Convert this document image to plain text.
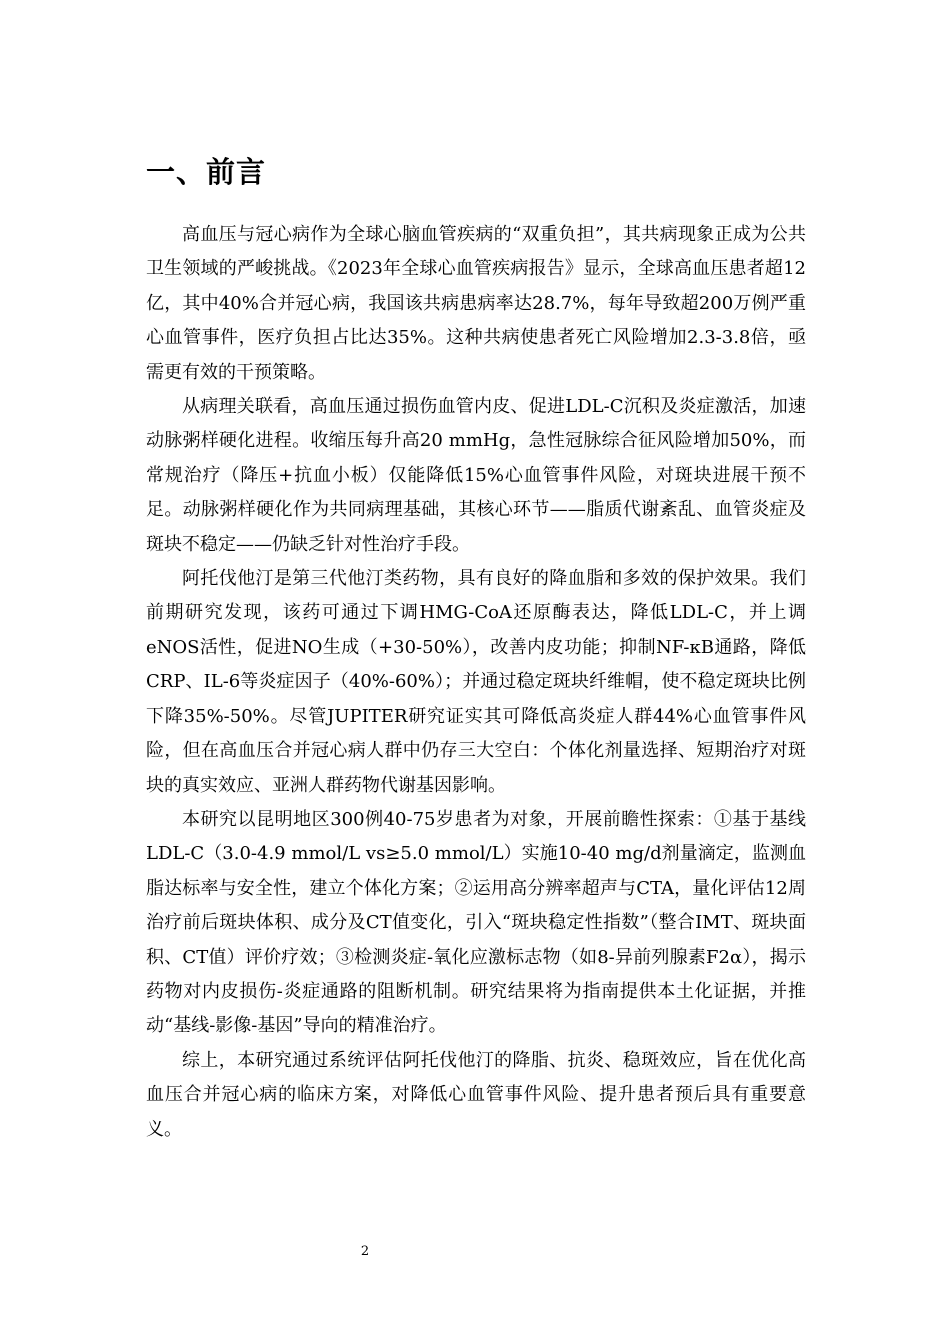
一、前言

高血压与冠心病作为全球心脑血管疾病的“双重负担”，其共病现象正成为公共卫生领域的严峻挑战。《2023年全球心血管疾病报告》显示，全球高血压患者超12亿，其中40%合并冠心病，我国该共病患病率达28.7%，每年导致超200万例严重心血管事件，医疗负担占比达35%。这种共病使患者死亡风险增加2.3-3.8倍，亟需更有效的干预策略。

从病理关联看，高血压通过损伤血管内皮、促进LDL-C沉积及炎症激活，加速动脉粥样硬化进程。收缩压每升高20 mmHg，急性冠脉综合征风险增加50%，而常规治疗（降压+抗血小板）仅能降低15%心血管事件风险，对斑块进展干预不足。动脉粥样硬化作为共同病理基础，其核心环节——脂质代谢紊乱、血管炎症及斑块不稳定——仍缺乏针对性治疗手段。

阿托伐他汀是第三代他汀类药物，具有良好的降血脂和多效的保护效果。我们前期研究发现，该药可通过下调HMG-CoA还原酶表达，降低LDL-C，并上调eNOS活性，促进NO生成（+30-50%），改善内皮功能；抑制NF-κB通路，降低CRP、IL-6等炎症因子（40%-60%）；并通过稳定斑块纤维帽，使不稳定斑块比例下降35%-50%。尽管JUPITER研究证实其可降低高炎症人群44%心血管事件风险，但在高血压合并冠心病人群中仍存三大空白：个体化剂量选择、短期治疗对斑块的真实效应、亚洲人群药物代谢基因影响。

本研究以昆明地区300例40-75岁患者为对象，开展前瞻性探索：①基于基线LDL-C（3.0-4.9 mmol/L vs≥5.0 mmol/L）实施10-40 mg/d剂量滴定，监测血脂达标率与安全性，建立个体化方案；②运用高分辨率超声与CTA，量化评估12周治疗前后斑块体积、成分及CT值变化，引入“斑块稳定性指数”（整合IMT、斑块面积、CT值）评价疗效；③检测炎症-氧化应激标志物（如8-异前列腺素F2α），揭示药物对内皮损伤-炎症通路的阻断机制。研究结果将为指南提供本土化证据，并推动“基线-影像-基因”导向的精准治疗。

综上，本研究通过系统评估阿托伐他汀的降脂、抗炎、稳斑效应，旨在优化高血压合并冠心病的临床方案，对降低心血管事件风险、提升患者预后具有重要意义。

2
